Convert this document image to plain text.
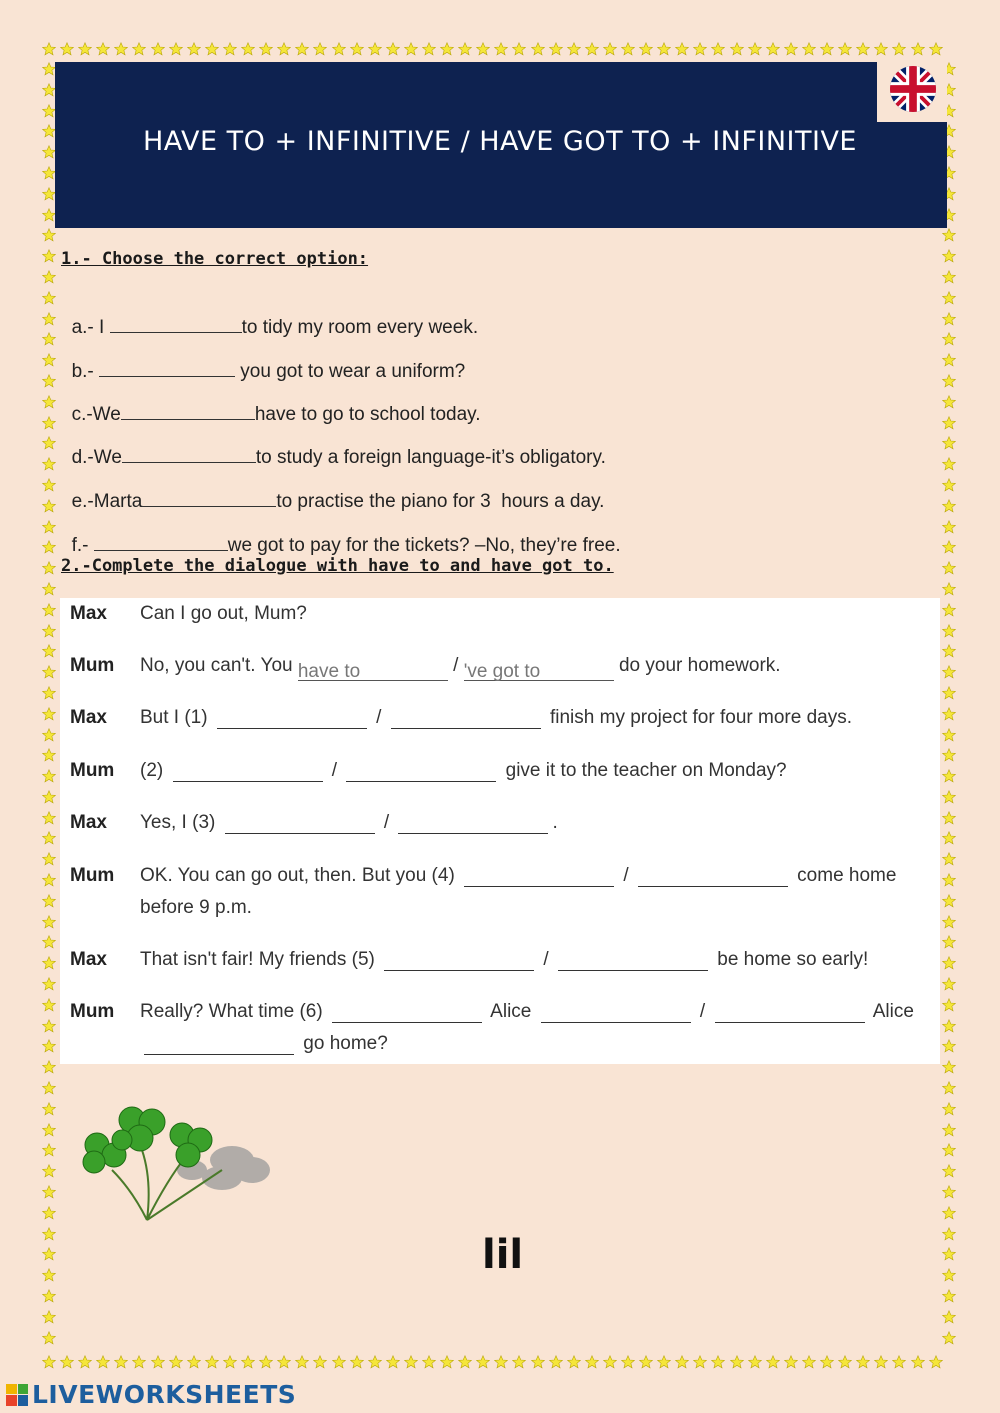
HAVE TO + INFINITIVE / HAVE GOT TO + INFINITIVE
1.- Choose the correct option:

a.- I	to tidy my room every week.

b.-	you got to wear a uniform?

c.-We	have to go to school today.

d.-We	to study a foreign language-it’s obligatory.

e.-Marta	to practise the piano for 3  hours a day.

f.-	we got to pay for the tickets? –No, they’re free.

2.-Complete the dialogue with have to and have got to.
Max Can I go out, Mum?
Mum No, you can't. You have to	/ 've got to	do your homework.
Max But I (1)	/	finish my project for four more days.
Mum (2)	/	give it to the teacher on Monday?
Max Yes, I (3)	/	.
Mum OK. You can go out, then. But you (4)	/	come home before 9 p.m.
Max That isn't fair! My friends (5)	/	be home so early!
Mum Really? What time (6)	Alice	/	Alice  go home?
lil
LIVEWORKSHEETS
